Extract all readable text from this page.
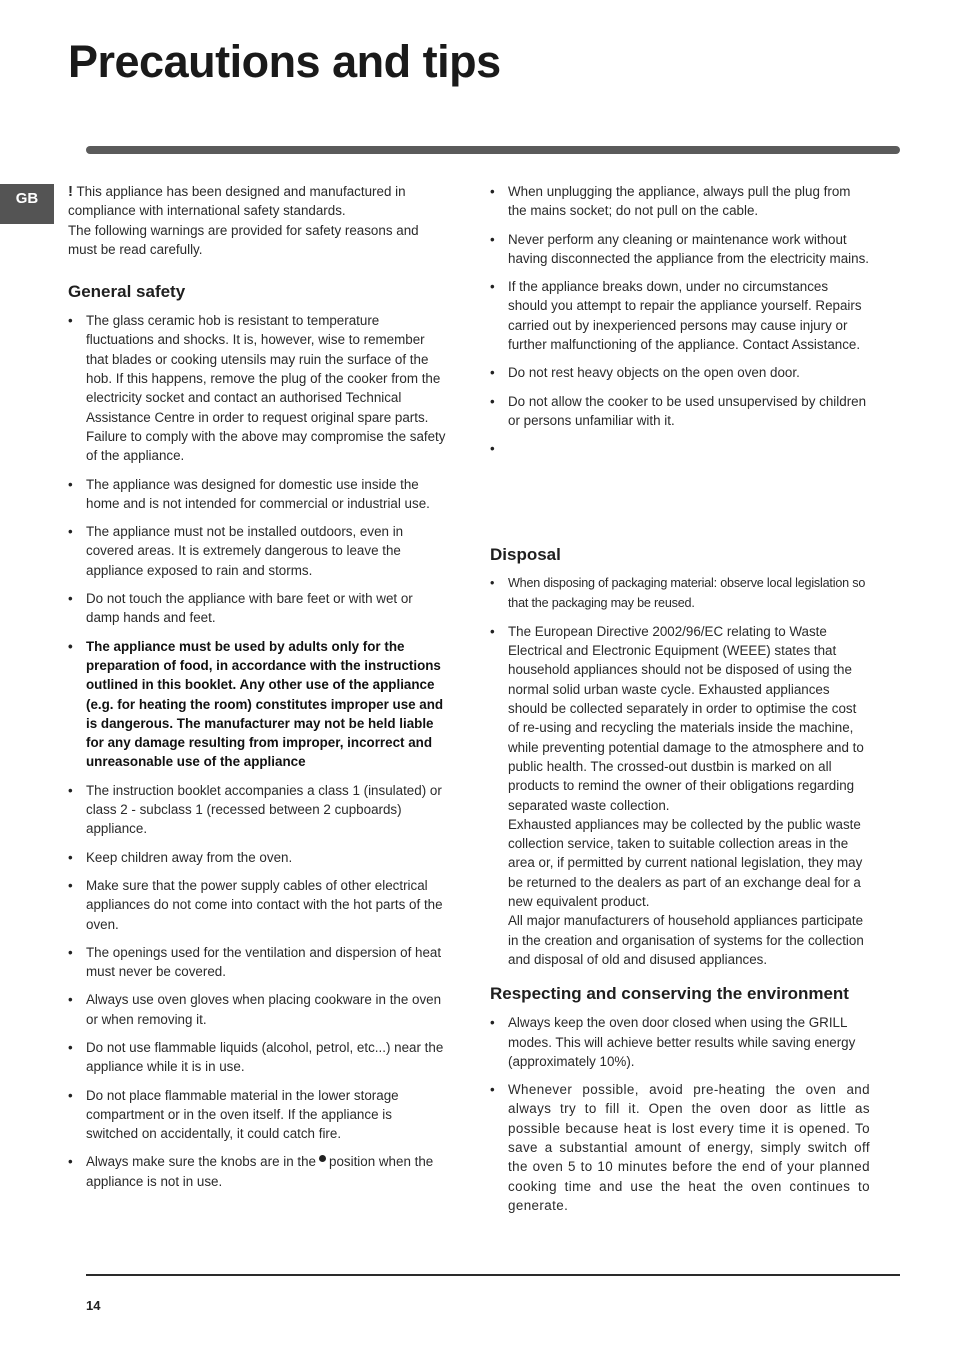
Precautions and tips
GB	! This appliance has been designed and manufactured in compliance with international safety standards.

The following warnings are provided for safety reasons and must be read carefully.

General safety
• The glass ceramic hob is resistant to temperature fluctuations and shocks. It is, however, wise to remember that blades or cooking utensils may ruin the surface of the hob. If this happens, remove the plug of the cooker from the electricity socket and contact an authorised Technical Assistance Centre in order to request original spare parts. Failure to comply with the above may compromise the safety of the appliance.
• The appliance was designed for domestic use inside the home and is not intended for commercial or industrial use.
• The appliance must not be installed outdoors, even in covered areas. It is extremely dangerous to leave the appliance exposed to rain and storms.
• Do not touch the appliance with bare feet or with wet or damp hands and feet.
• The appliance must be used by adults only for the preparation of food, in accordance with the instructions outlined in this booklet. Any other use of the appliance (e.g. for heating the room) constitutes improper use and is dangerous. The manufacturer may not be held liable for any damage resulting from improper, incorrect and unreasonable use of the appliance
• The instruction booklet accompanies a class 1 (insulated) or class 2 - subclass 1 (recessed between 2 cupboards) appliance.
• Keep children away from the oven.
• Make sure that the power supply cables of other electrical appliances do not come into contact with the hot parts of the oven.
• The openings used for the ventilation and dispersion of heat must never be covered.
• Always use oven gloves when placing cookware in the oven or when removing it.
• Do not use flammable liquids (alcohol, petrol, etc...) near the appliance while it is in use.
• Do not place flammable material in the lower storage compartment or in the oven itself. If the appliance is switched on accidentally, it could catch fire.
• Always make sure the knobs are in the position when the appliance is not in use.
• When unplugging the appliance, always pull the plug from the mains socket; do not pull on the cable.
• Never perform any cleaning or maintenance work without having disconnected the appliance from the electricity mains.
• If the appliance breaks down, under no circumstances should you attempt to repair the appliance yourself. Repairs carried out by inexperienced persons may cause injury or further malfunctioning of the appliance. Contact Assistance.
• Do not rest heavy objects on the open oven door.
• Do not allow the cooker to be used unsupervised by children or persons unfamiliar with it.
•
Disposal
• When disposing of packaging material: observe local legislation so that the packaging may be reused.
• The European Directive 2002/96/EC relating to Waste Electrical and Electronic Equipment (WEEE) states that household appliances should not be disposed of using the normal solid urban waste cycle. Exhausted appliances should be collected separately in order to optimise the cost of re-using and recycling the materials inside the machine, while preventing potential damage to the atmosphere and to public health. The crossed-out dustbin is marked on all products to remind the owner of their obligations regarding separated waste collection.
Exhausted appliances may be collected by the public waste collection service, taken to suitable collection areas in the area or, if permitted by current national legislation, they may be returned to the dealers as part of an exchange deal for a new equivalent product.
All major manufacturers of household appliances participate in the creation and organisation of systems for the collection and disposal of old and disused appliances.
Respecting and conserving the environment
• Always keep the oven door closed when using the GRILL modes. This will achieve better results while saving energy (approximately 10%).
• Whenever possible, avoid pre-heating the oven and always try to fill it. Open the oven door as little as possible because heat is lost every time it is opened. To save a substantial amount of energy, simply switch off the oven 5 to 10 minutes before the end of your planned cooking time and use the heat the oven continues to generate.
14
